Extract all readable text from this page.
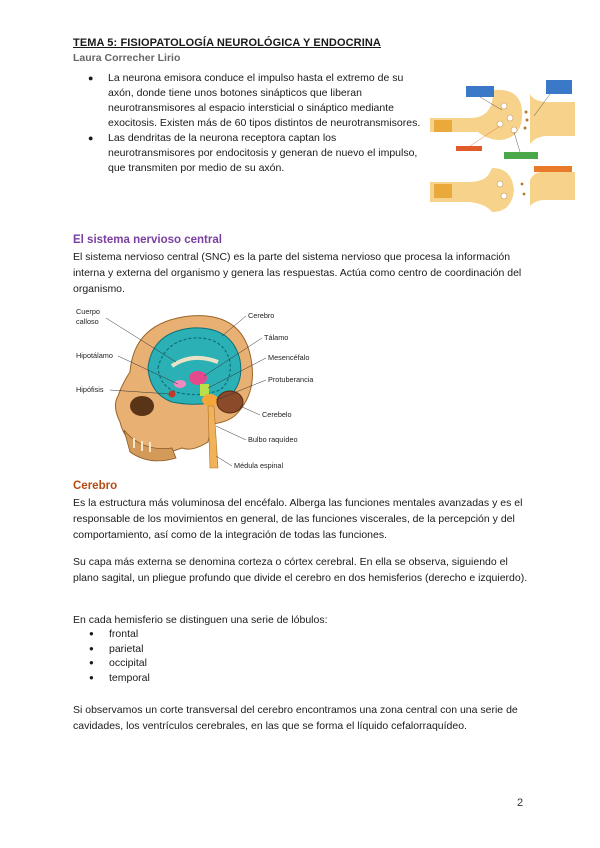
TEMA 5: FISIOPATOLOGÍA NEUROLÓGICA Y ENDOCRINA
Laura Correcher Lirio
● La neurona emisora conduce el impulso hasta el extremo de su axón, donde tiene unos botones sinápticos que liberan neurotransmisores al espacio intersticial o sináptico mediante exocitosis. Existen más de 60 tipos distintos de neurotransmisores.
● Las dendritas de la neurona receptora captan los neurotransmisores por endocitosis y generan de nuevo el impulso, que transmiten por medio de su axón.
El sistema nervioso central

El sistema nervioso central (SNC) es la parte del sistema nervioso que procesa la información interna y externa del organismo y genera las respuestas. Actúa como centro de coordinación del organismo.

Cuerpo
calloso
Hipotálamo
Hipófisis
Cerebro
Tálamo
Mesencéfalo
Protuberancia
Cerebelo
Bulbo raquídeo
Médula espinal
Cerebro

Es la estructura más voluminosa del encéfalo. Alberga las funciones mentales avanzadas y es el responsable de los movimientos en general, de las funciones viscerales, de la percepción y del comportamiento, así como de la integración de todas las funciones.

Su capa más externa se denomina corteza o córtex cerebral. En ella se observa, siguiendo el plano sagital, un pliegue profundo que divide el cerebro en dos hemisferios (derecho e izquierdo).

En cada hemisferio se distinguen una serie de lóbulos:

● frontal
● parietal
● occipital
● temporal

Si observamos un corte transversal del cerebro encontramos una zona central con una serie de cavidades, los ventrículos cerebrales, en las que se forma el líquido cefalorraquídeo.

2
